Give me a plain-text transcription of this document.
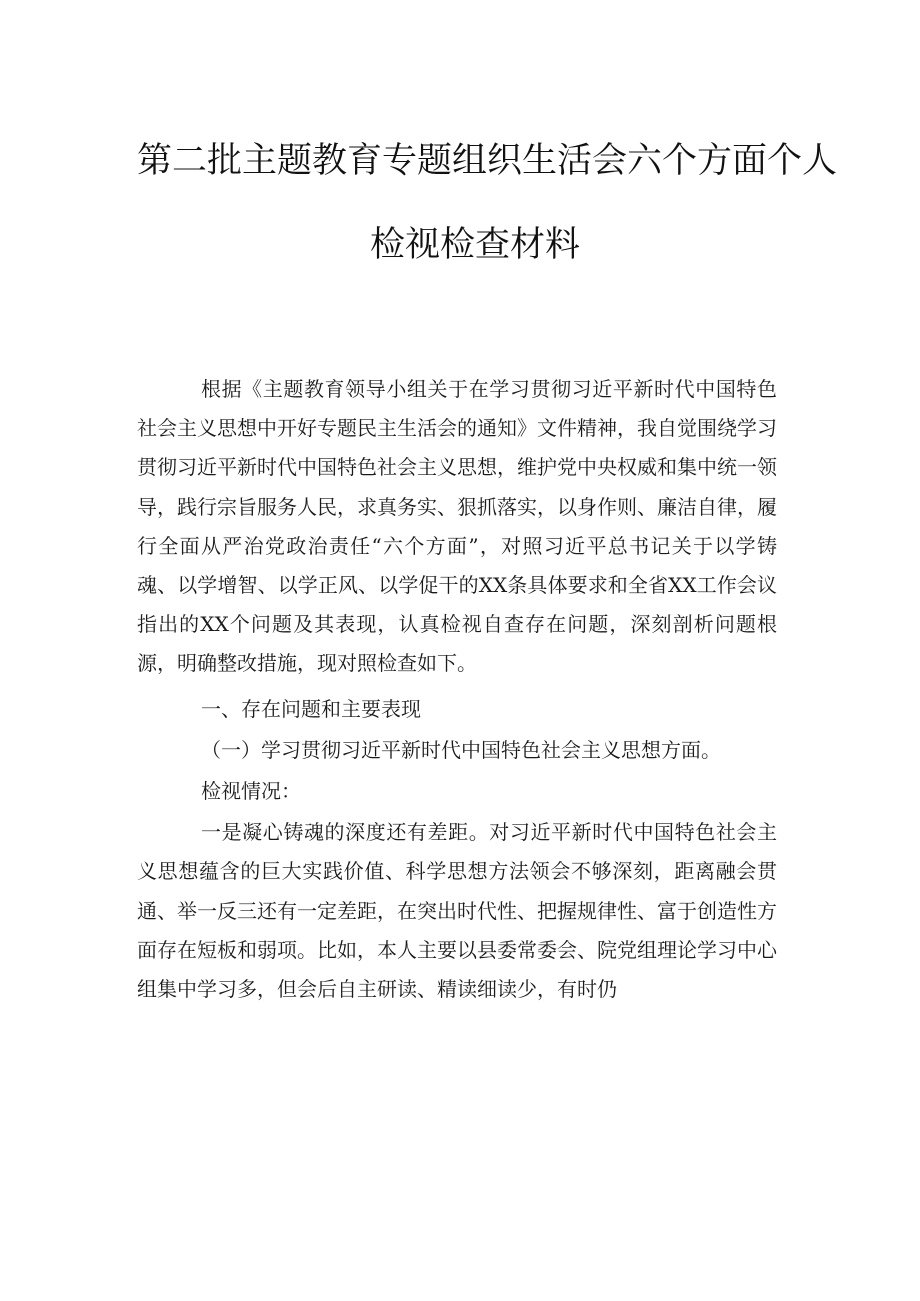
第二批主题教育专题组织生活会六个方面个人
检视检查材料

根据《主题教育领导小组关于在学习贯彻习近平新时代中国特色社会主义思想中开好专题民主生活会的通知》文件精神，我自觉围绕学习贯彻习近平新时代中国特色社会主义思想，维护党中央权威和集中统一领导，践行宗旨服务人民，求真务实、狠抓落实，以身作则、廉洁自律，履行全面从严治党政治责任“六个方面”，对照习近平总书记关于以学铸魂、以学增智、以学正风、以学促干的XX条具体要求和全省XX工作会议指出的XX个问题及其表现，认真检视自查存在问题，深刻剖析问题根源，明确整改措施，现对照检查如下。

一、存在问题和主要表现

（一）学习贯彻习近平新时代中国特色社会主义思想方面。

检视情况：

一是凝心铸魂的深度还有差距。对习近平新时代中国特色社会主义思想蕴含的巨大实践价值、科学思想方法领会不够深刻，距离融会贯通、举一反三还有一定差距，在突出时代性、把握规律性、富于创造性方面存在短板和弱项。比如，本人主要以县委常委会、院党组理论学习中心组集中学习多，但会后自主研读、精读细读少，有时仍
